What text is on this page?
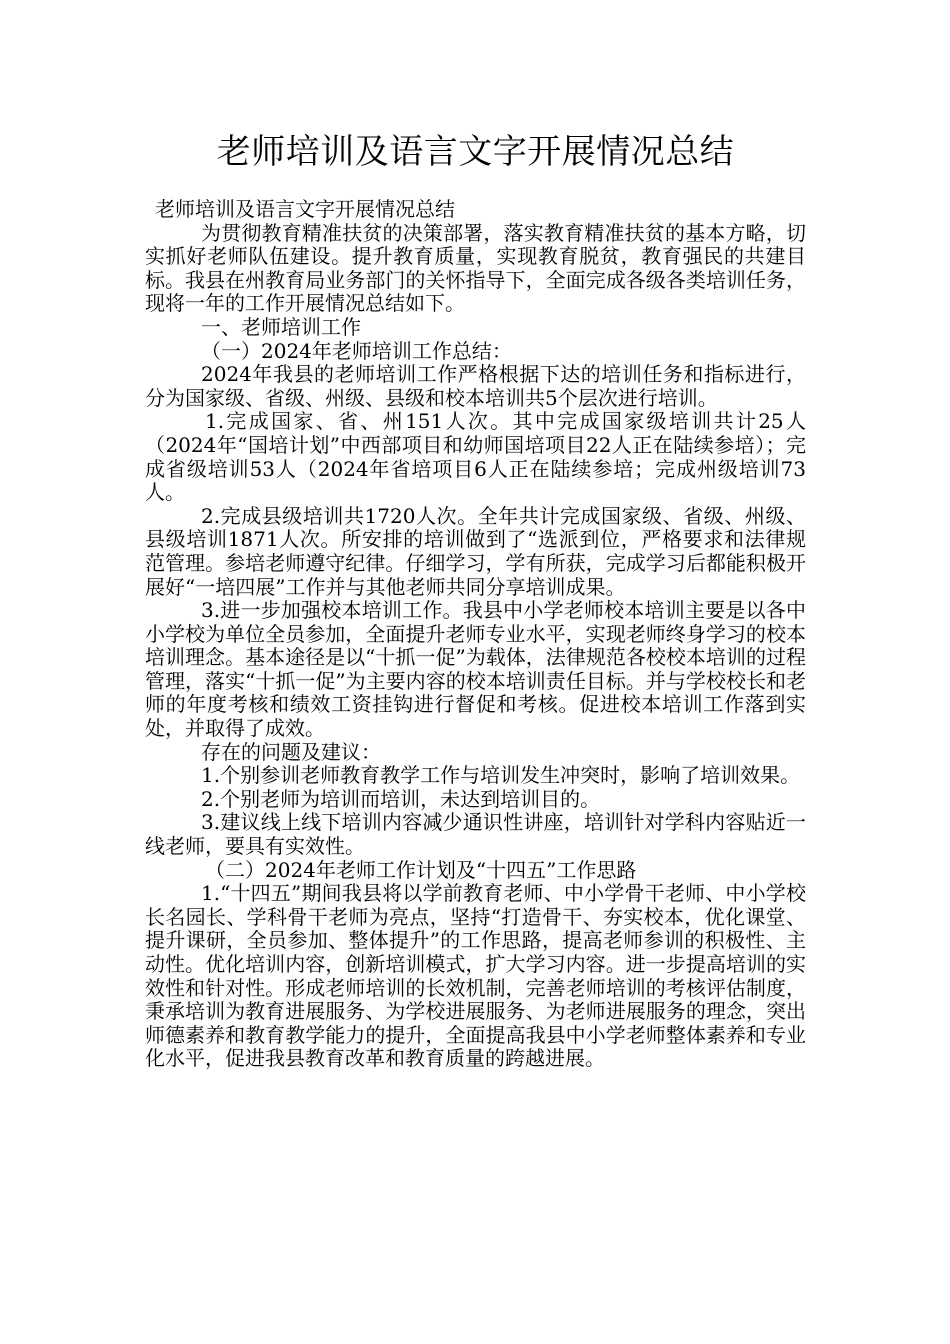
老师培训及语言文字开展情况总结

老师培训及语言文字开展情况总结

为贯彻教育精准扶贫的决策部署，落实教育精准扶贫的基本方略，切实抓好老师队伍建设。提升教育质量，实现教育脱贫，教育强民的共建目标。我县在州教育局业务部门的关怀指导下，全面完成各级各类培训任务，现将一年的工作开展情况总结如下。

一、老师培训工作

（一）2024年老师培训工作总结：

2024年我县的老师培训工作严格根据下达的培训任务和指标进行，分为国家级、省级、州级、县级和校本培训共5个层次进行培训。

1.完成国家、省、州151人次。其中完成国家级培训共计25人（2024年“国培计划”中西部项目和幼师国培项目22人正在陆续参培）；完成省级培训53人（2024年省培项目6人正在陆续参培；完成州级培训73人。

2.完成县级培训共1720人次。全年共计完成国家级、省级、州级、县级培训1871人次。所安排的培训做到了“选派到位，严格要求和法律规范管理。参培老师遵守纪律。仔细学习，学有所获，完成学习后都能积极开展好“一培四展”工作并与其他老师共同分享培训成果。

3.进一步加强校本培训工作。我县中小学老师校本培训主要是以各中小学校为单位全员参加，全面提升老师专业水平，实现老师终身学习的校本培训理念。基本途径是以“十抓一促”为载体，法律规范各校校本培训的过程管理，落实“十抓一促”为主要内容的校本培训责任目标。并与学校校长和老师的年度考核和绩效工资挂钩进行督促和考核。促进校本培训工作落到实处，并取得了成效。

存在的问题及建议：

1.个别参训老师教育教学工作与培训发生冲突时，影响了培训效果。

2.个别老师为培训而培训，未达到培训目的。

3.建议线上线下培训内容减少通识性讲座，培训针对学科内容贴近一线老师，要具有实效性。

（二）2024年老师工作计划及“十四五”工作思路

1.“十四五”期间我县将以学前教育老师、中小学骨干老师、中小学校长名园长、学科骨干老师为亮点，坚持“打造骨干、夯实校本，优化课堂、提升课研，全员参加、整体提升”的工作思路，提高老师参训的积极性、主动性。优化培训内容，创新培训模式，扩大学习内容。进一步提高培训的实效性和针对性。形成老师培训的长效机制，完善老师培训的考核评估制度，秉承培训为教育进展服务、为学校进展服务、为老师进展服务的理念，突出师德素养和教育教学能力的提升，全面提高我县中小学老师整体素养和专业化水平，促进我县教育改革和教育质量的跨越进展。
